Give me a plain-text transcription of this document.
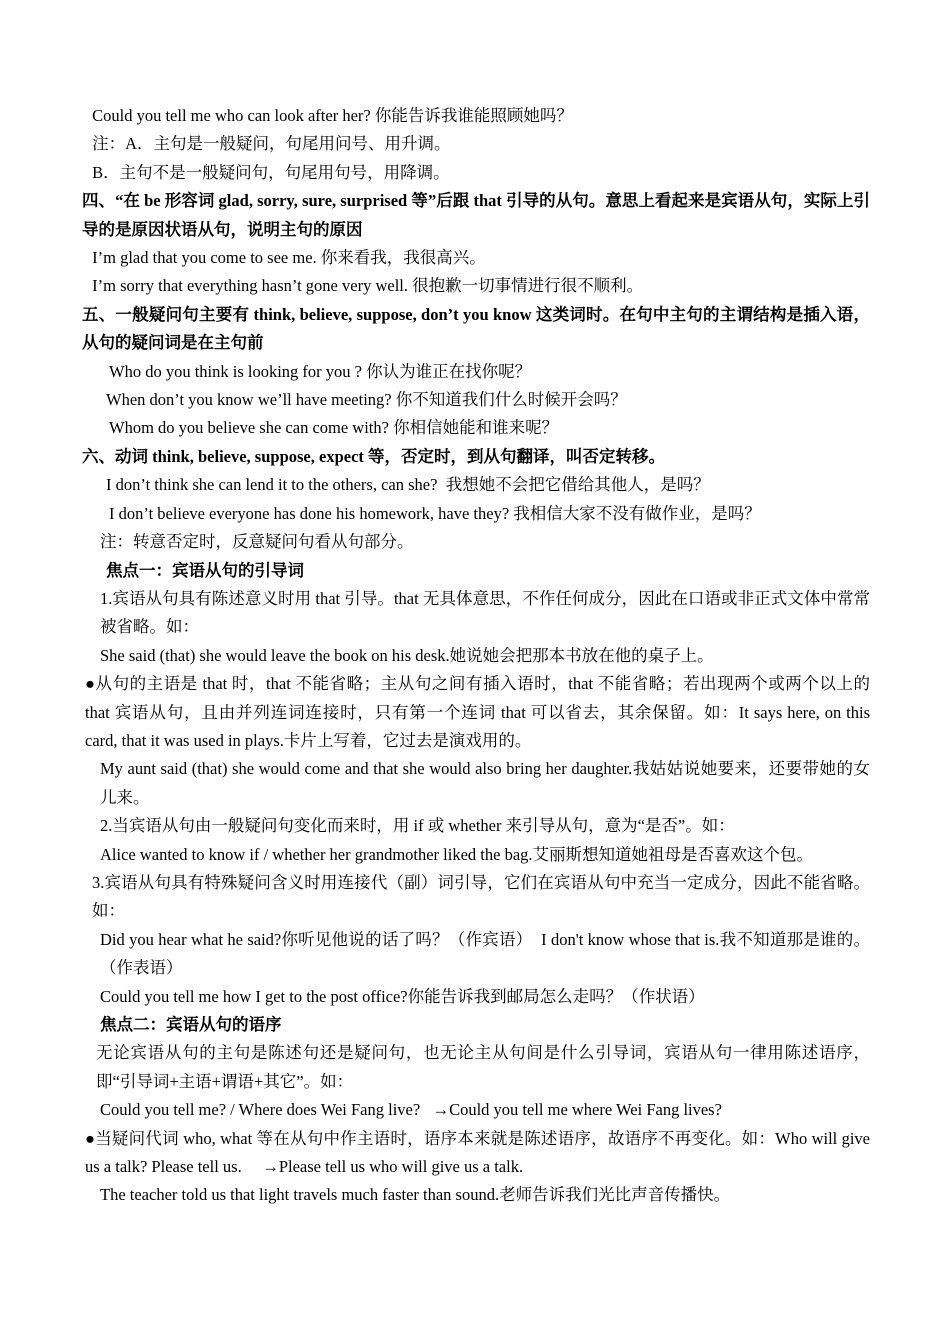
Could you tell me who can look after her? 你能告诉我谁能照顾她吗？

注：A．主句是一般疑问，句尾用问号、用升调。

B．主句不是一般疑问句，句尾用句号，用降调。

四、“在 be 形容词 glad, sorry, sure, surprised 等”后跟 that 引导的从句。意思上看起来是宾语从句，实际上引导的是原因状语从句，说明主句的原因

I’m glad that you come to see me. 你来看我，我很高兴。

I’m sorry that everything hasn’t gone very well. 很抱歉一切事情进行很不顺利。

五、一般疑问句主要有 think, believe, suppose, don’t you know 这类词时。在句中主句的主谓结构是插入语，从句的疑问词是在主句前

Who do you think is looking for you ? 你认为谁正在找你呢？

When don’t you know we’ll have meeting? 你不知道我们什么时候开会吗？

Whom do you believe she can come with? 你相信她能和谁来呢？

六、动词 think, believe, suppose, expect 等，否定时，到从句翻译，叫否定转移。

I don’t think she can lend it to the others, can she?  我想她不会把它借给其他人，是吗？

I don’t believe everyone has done his homework, have they? 我相信大家不没有做作业，是吗？

注：转意否定时，反意疑问句看从句部分。

焦点一：宾语从句的引导词

1.宾语从句具有陈述意义时用 that 引导。that 无具体意思，不作任何成分，因此在口语或非正式文体中常常被省略。如：

She said (that) she would leave the book on his desk.她说她会把那本书放在他的桌子上。

●从句的主语是 that 时，that 不能省略；主从句之间有插入语时，that 不能省略；若出现两个或两个以上的 that 宾语从句，且由并列连词连接时，只有第一个连词 that 可以省去，其余保留。如：It says here, on this card, that it was used in plays.卡片上写着，它过去是演戏用的。

My aunt said (that) she would come and that she would also bring her daughter.我姑姑说她要来，还要带她的女儿来。

2.当宾语从句由一般疑问句变化而来时，用 if 或 whether 来引导从句，意为“是否”。如：

Alice wanted to know if / whether her grandmother liked the bag.艾丽斯想知道她祖母是否喜欢这个包。

3.宾语从句具有特殊疑问含义时用连接代（副）词引导，它们在宾语从句中充当一定成分，因此不能省略。如：

Did you hear what he said?你听见他说的话了吗？（作宾语）  I don't know whose that is.我不知道那是谁的。（作表语）

Could you tell me how I get to the post office?你能告诉我到邮局怎么走吗？（作状语）

焦点二：宾语从句的语序

无论宾语从句的主句是陈述句还是疑问句，也无论主从句间是什么引导词，宾语从句一律用陈述语序，即“引导词+主语+谓语+其它”。如：

Could you tell me? / Where does Wei Fang live?   →Could you tell me where Wei Fang lives?

●当疑问代词 who, what 等在从句中作主语时，语序本来就是陈述语序，故语序不再变化。如：Who will give us a talk? Please tell us.     →Please tell us who will give us a talk.

The teacher told us that light travels much faster than sound.老师告诉我们光比声音传播快。
